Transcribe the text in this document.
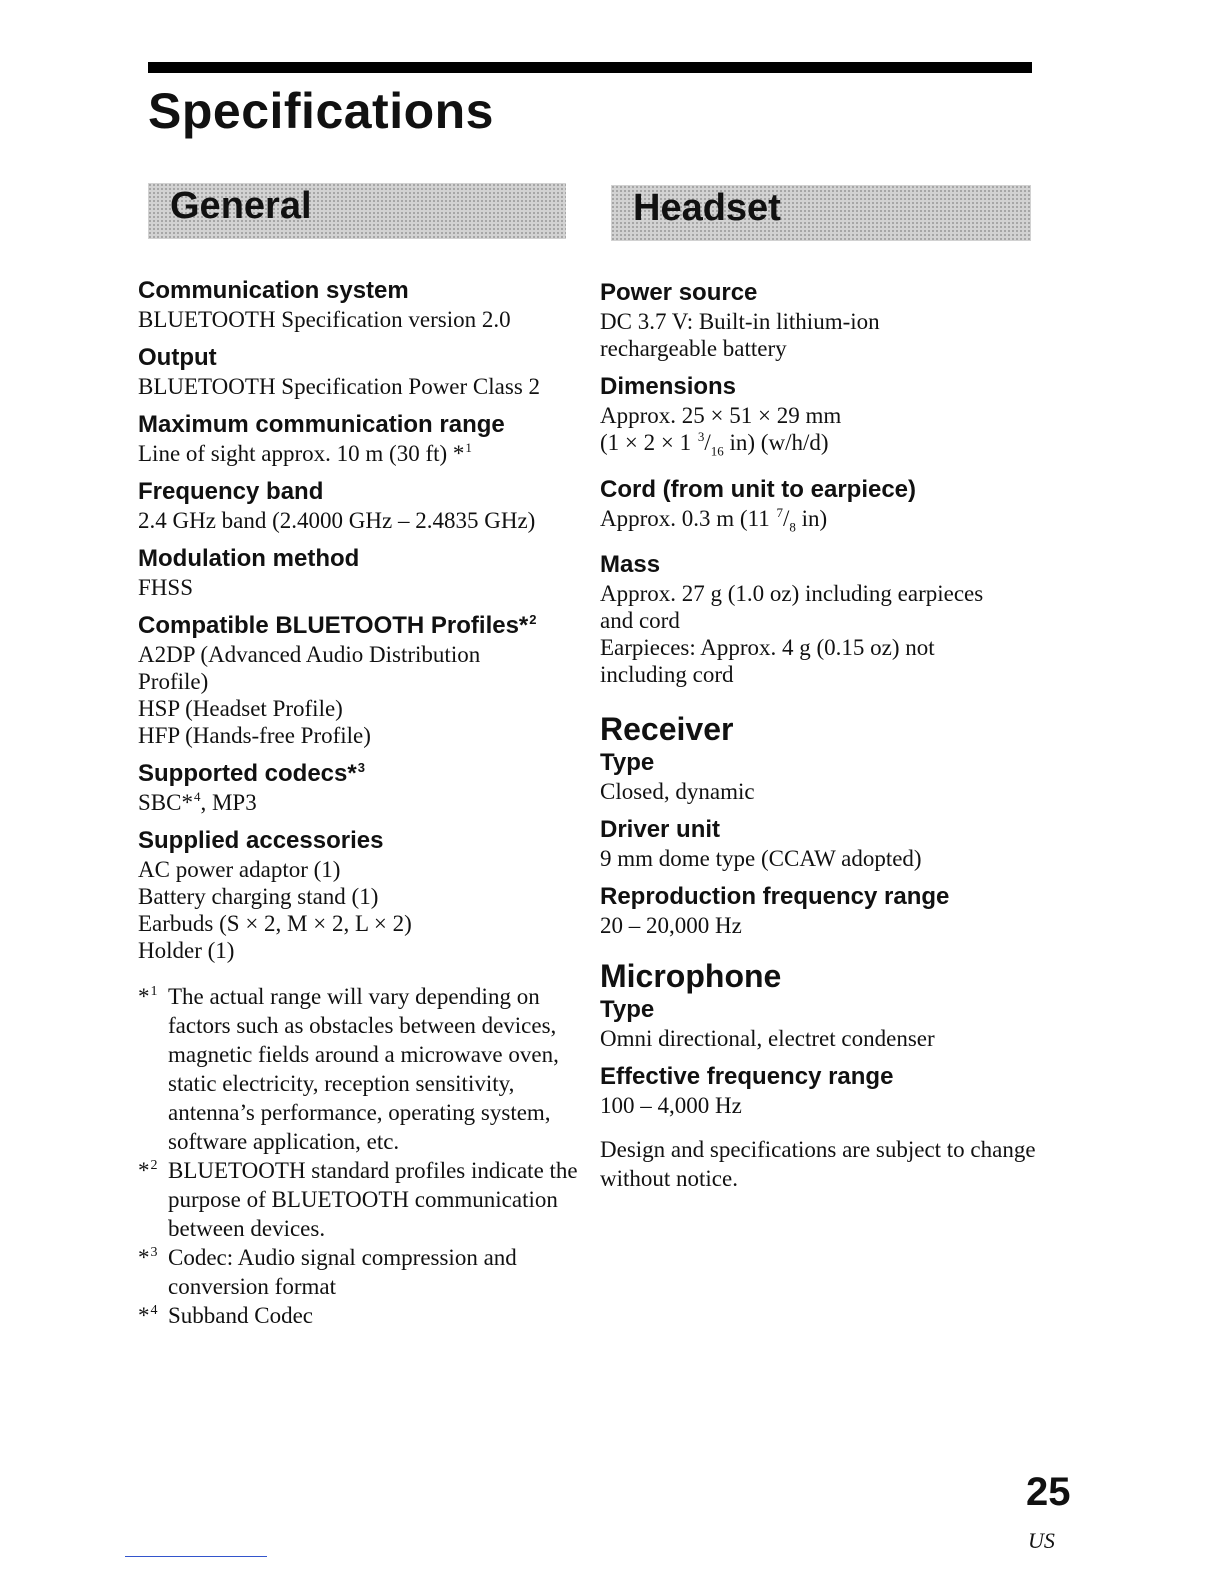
Specifications
General	Headset

Communication system

BLUETOOTH Specification version 2.0

Output

BLUETOOTH Specification Power Class 2

Maximum communication range

Line of sight approx. 10 m (30 ft) *$^1$

Frequency band

2.4 GHz band (2.4000 GHz – 2.4835 GHz)

Modulation method

FHSS

Compatible BLUETOOTH Profiles*$^2$

A2DP (Advanced Audio Distribution

Profile)

HSP (Headset Profile)

HFP (Hands-free Profile)

Supported codecs*$^3$

SBC*$^4$, MP3

Supplied accessories

AC power adaptor (1)

Battery charging stand (1)

Earbuds (S × 2, M × 2, L × 2)

Holder (1)

*$^1$ The actual range will vary depending on factors such as obstacles between devices, magnetic fields around a microwave oven, static electricity, reception sensitivity, antenna’s performance, operating system, software application, etc.
*$^2$ BLUETOOTH standard profiles indicate the purpose of BLUETOOTH communication between devices.
*$^3$ Codec: Audio signal compression and conversion format
*$^4$ Subband Codec

Power source

DC 3.7 V: Built-in lithium-ion

rechargeable battery

Dimensions

Approx. 25 × 51 × 29 mm

(1 × 2 × 1 $^3/_{16}$ in) (w/h/d)

Cord (from unit to earpiece)

Approx. 0.3 m (11 $^7/_8$ in)

Mass

Approx. 27 g (1.0 oz) including earpieces

and cord

Earpieces: Approx. 4 g (0.15 oz) not

including cord

Receiver

Type

Closed, dynamic

Driver unit

9 mm dome type (CCAW adopted)

Reproduction frequency range

20 – 20,000 Hz

Microphone

Type

Omni directional, electret condenser

Effective frequency range

100 – 4,000 Hz

Design and specifications are subject to change without notice.

25

US
